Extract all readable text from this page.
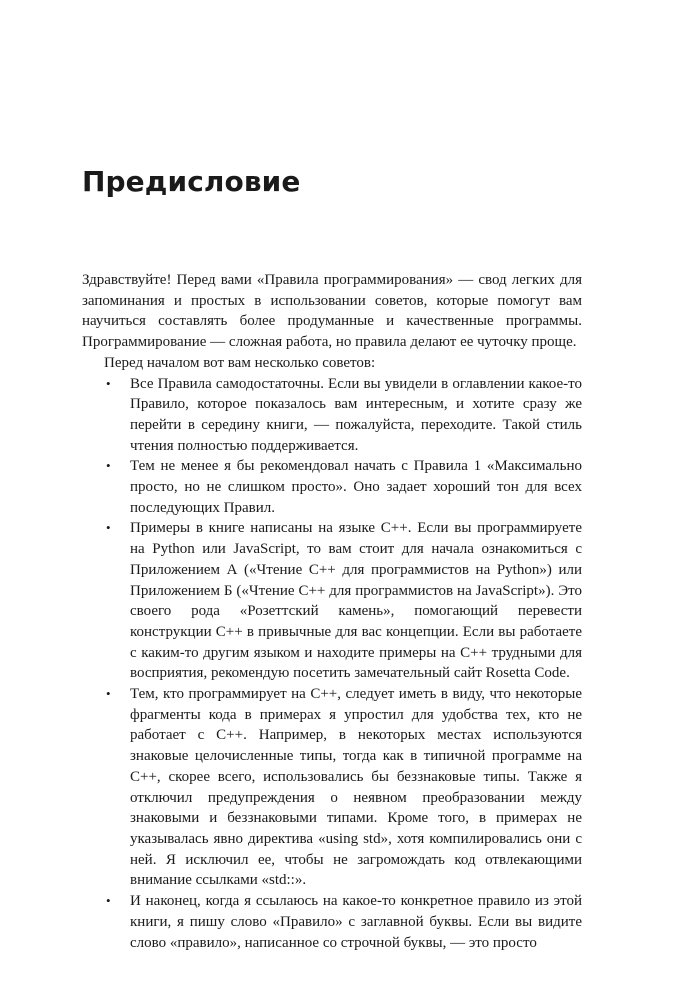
Предисловие

Здравствуйте! Перед вами «Правила программирования» — свод легких для запоминания и простых в использовании советов, которые помогут вам научиться составлять более продуманные и качественные программы. Программирование — сложная работа, но правила делают ее чуточку проще.

Перед началом вот вам несколько советов:

• Все Правила самодостаточны. Если вы увидели в оглавлении какое-то Правило, которое показалось вам интересным, и хотите сразу же перейти в середину книги, — пожалуйста, переходите. Такой стиль чтения полностью поддерживается.
• Тем не менее я бы рекомендовал начать с Правила 1 «Максимально просто, но не слишком просто». Оно задает хороший тон для всех последующих Правил.
• Примеры в книге написаны на языке C++. Если вы программируете на Python или JavaScript, то вам стоит для начала ознакомиться с Приложением А («Чтение C++ для программистов на Python») или Приложением Б («Чтение C++ для программистов на JavaScript»). Это своего рода «Розеттский камень», помогающий перевести конструкции C++ в привычные для вас концепции. Если вы работаете с каким-то другим языком и находите примеры на C++ трудными для восприятия, рекомендую посетить замечательный сайт Rosetta Code.
• Тем, кто программирует на C++, следует иметь в виду, что некоторые фрагменты кода в примерах я упростил для удобства тех, кто не работает с C++. Например, в некоторых местах используются знаковые целочисленные типы, тогда как в типичной программе на C++, скорее всего, использовались бы беззнаковые типы. Также я отключил предупреждения о неявном преобразовании между знаковыми и беззнаковыми типами. Кроме того, в примерах не указывалась явно директива «using std», хотя компилировались они с ней. Я исключил ее, чтобы не загромождать код отвлекающими внимание ссылками «std::».
• И наконец, когда я ссылаюсь на какое-то конкретное правило из этой книги, я пишу слово «Правило» с заглавной буквы. Если вы видите слово «правило», написанное со строчной буквы, — это просто
